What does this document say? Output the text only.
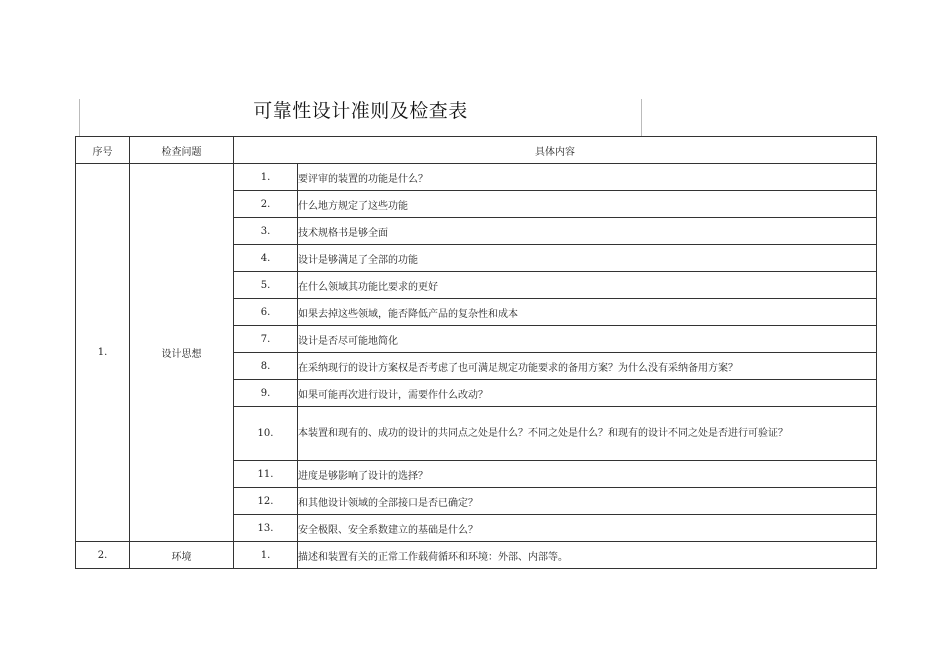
可靠性设计准则及检查表
序号	检查问题	具体内容	
1.	设计思想	1.	要评审的装置的功能是什么？
		2.	什么地方规定了这些功能
		3.	技术规格书是够全面
		4.	设计是够满足了全部的功能
		5.	在什么领域其功能比要求的更好
		6.	如果去掉这些领域，能否降低产品的复杂性和成本
		7.	设计是否尽可能地简化
		8.	在采纳现行的设计方案权是否考虑了也可满足规定功能要求的备用方案？为什么没有采纳备用方案？
		9.	如果可能再次进行设计，需要作什么改动？
		10.	本装置和现有的、成功的设计的共同点之处是什么？不同之处是什么？和现有的设计不同之处是否进行可验证？
		11.	进度是够影响了设计的选择？
		12.	和其他设计领域的全部接口是否已确定？
		13.	安全极限、安全系数建立的基础是什么？
2.	环境	1.	描述和装置有关的正常工作载荷循环和环境：外部、内部等。
